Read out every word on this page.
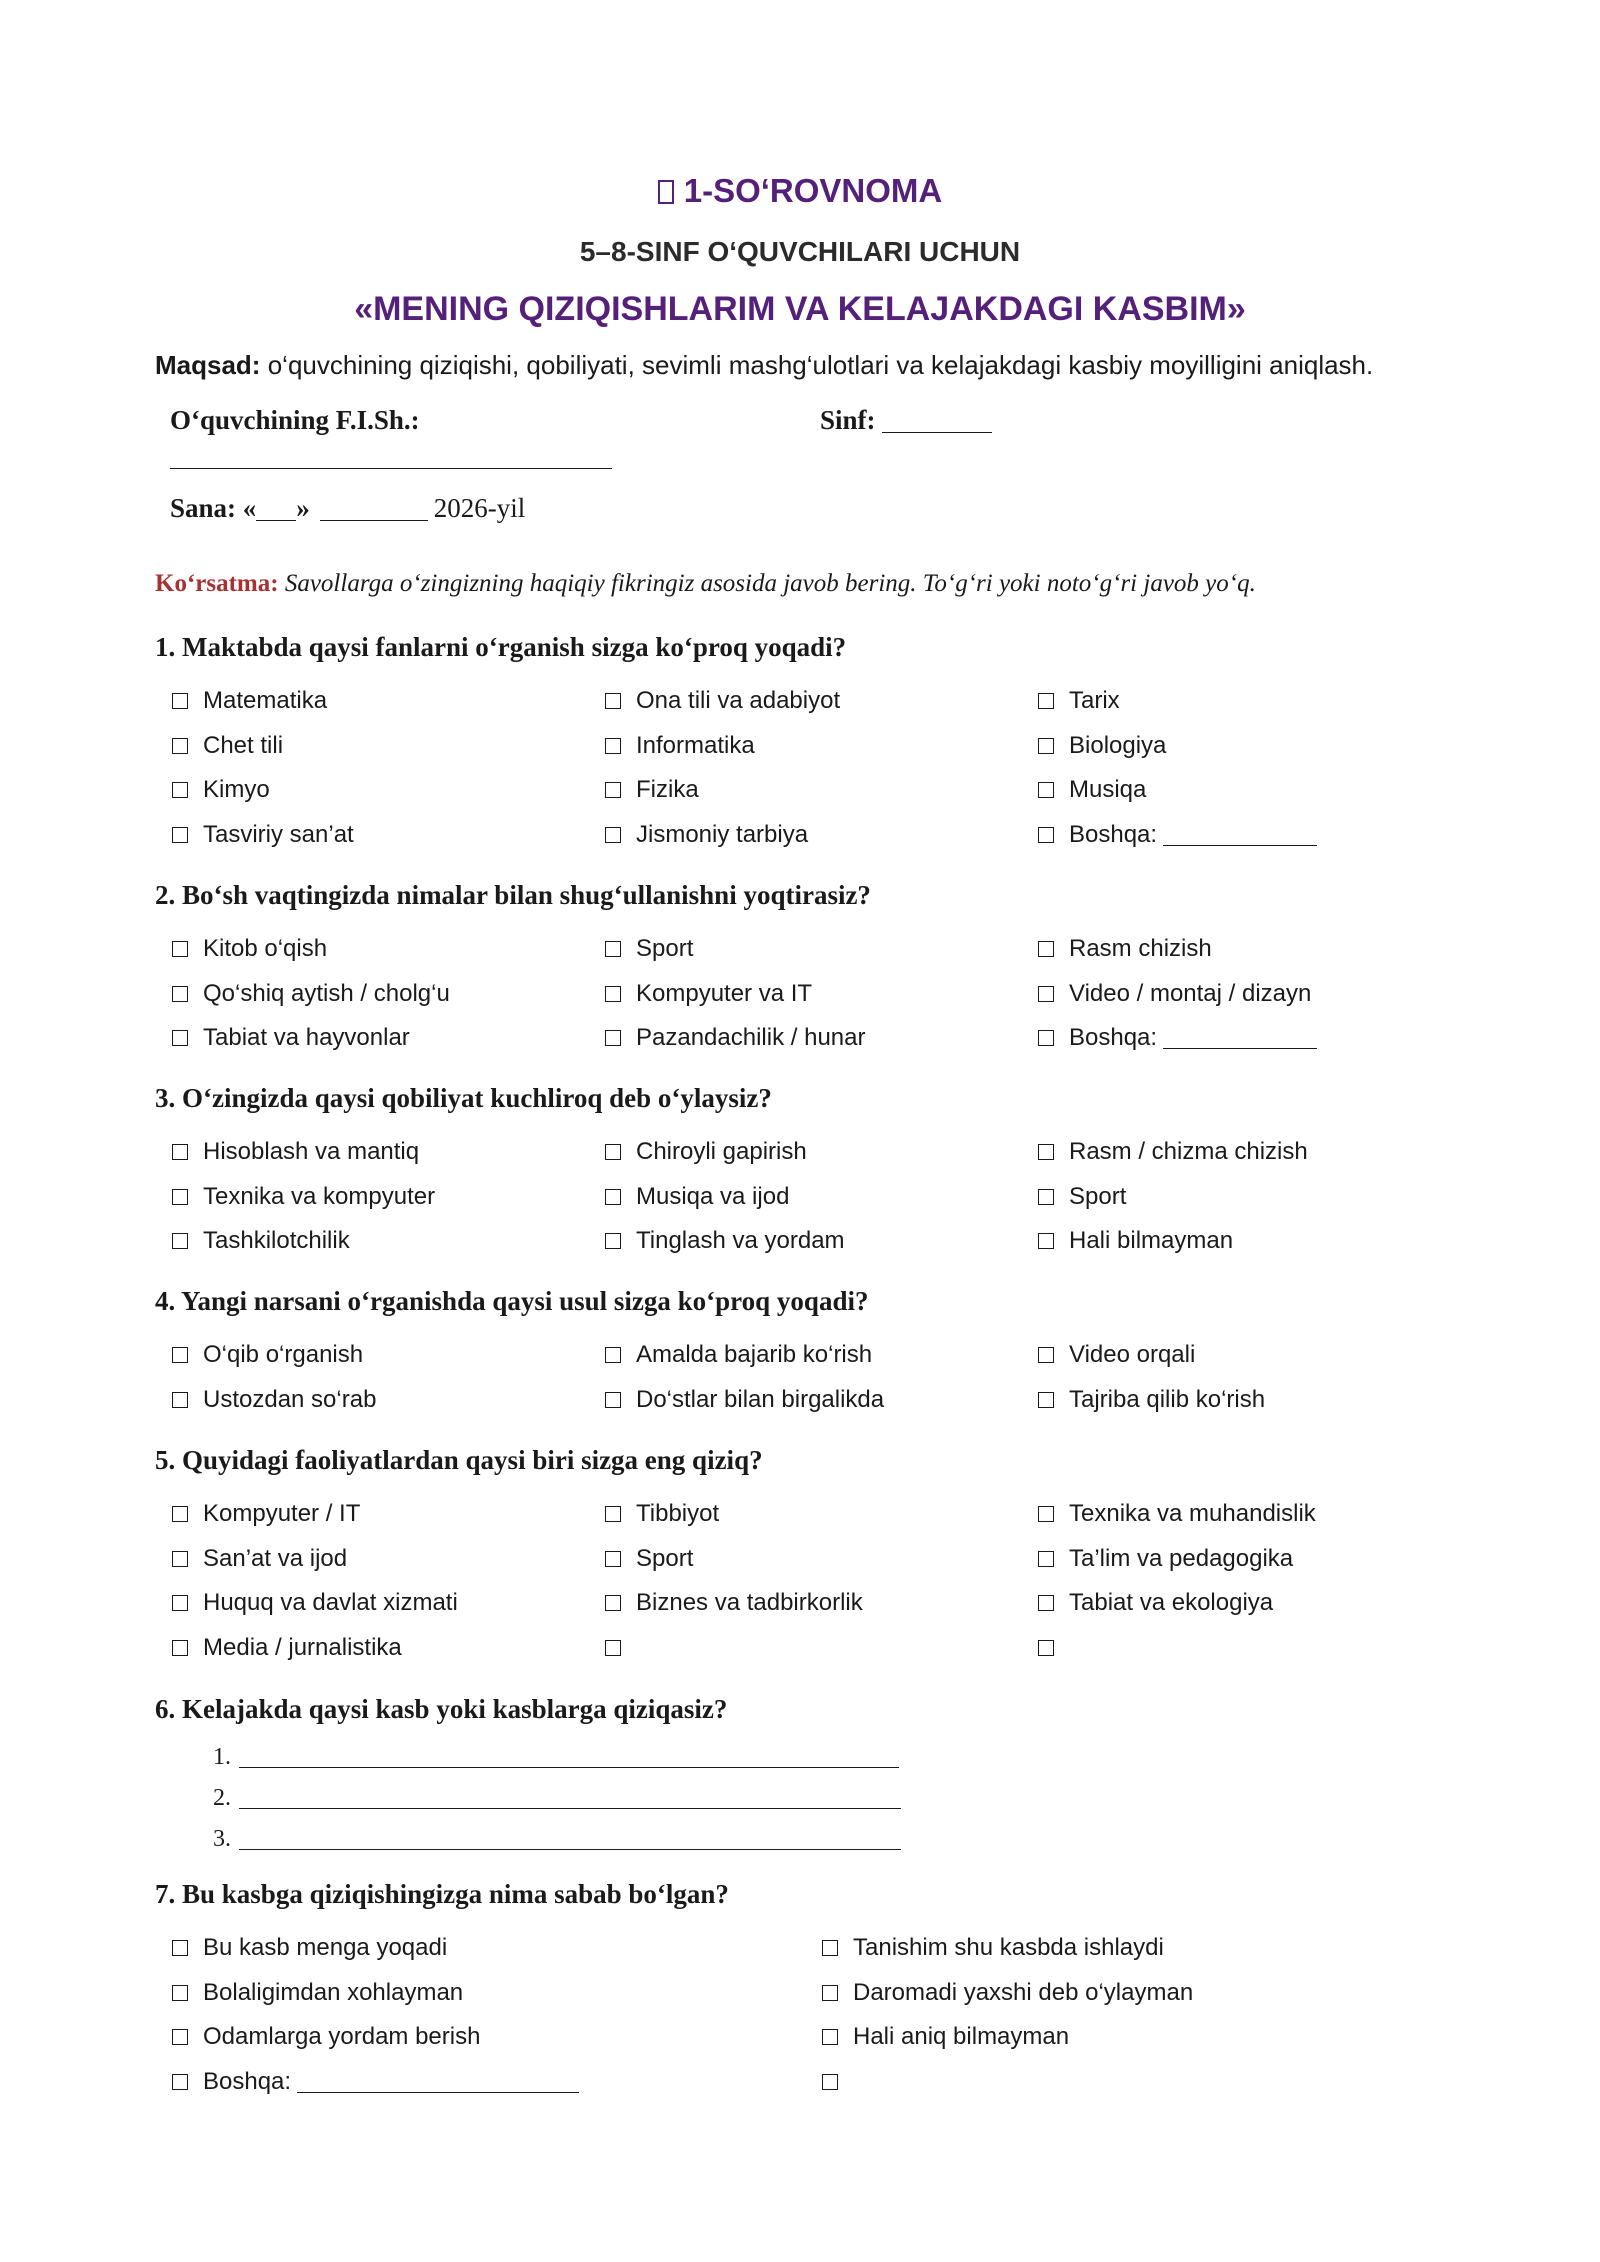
1-SO‘ROVNOMA
5–8-SINF O‘QUVCHILARI UCHUN
«MENING QIZIQISHLARIM VA KELAJAKDAGI KASBIM»
Maqsad: o‘quvchining qiziqishi, qobiliyati, sevimli mashg‘ulotlari va kelajakdagi kasbiy moyilligini aniqlash.
O‘quvchining F.I.Sh.:	Sinf:
Sana: « »	2026-yil
Ko‘rsatma: Savollarga o‘zingizning haqiqiy fikringiz asosida javob bering. To‘g‘ri yoki noto‘g‘ri javob yo‘q.
1. Maktabda qaysi fanlarni o‘rganish sizga ko‘proq yoqadi?
Matematika	Ona tili va adabiyot	Tarix
Chet tili	Informatika	Biologiya
Kimyo	Fizika	Musiqa
Tasviriy san’at	Jismoniy tarbiya	Boshqa:
2. Bo‘sh vaqtingizda nimalar bilan shug‘ullanishni yoqtirasiz?
Kitob o‘qish	Sport	Rasm chizish
Qo‘shiq aytish / cholg‘u	Kompyuter va IT	Video / montaj / dizayn
Tabiat va hayvonlar	Pazandachilik / hunar	Boshqa:
3. O‘zingizda qaysi qobiliyat kuchliroq deb o‘ylaysiz?
Hisoblash va mantiq	Chiroyli gapirish	Rasm / chizma chizish
Texnika va kompyuter	Musiqa va ijod	Sport
Tashkilotchilik	Tinglash va yordam	Hali bilmayman
4. Yangi narsani o‘rganishda qaysi usul sizga ko‘proq yoqadi?
O‘qib o‘rganish	Amalda bajarib ko‘rish	Video orqali
Ustozdan so‘rab	Do‘stlar bilan birgalikda	Tajriba qilib ko‘rish
5. Quyidagi faoliyatlardan qaysi biri sizga eng qiziq?
Kompyuter / IT	Tibbiyot	Texnika va muhandislik
San’at va ijod	Sport	Ta’lim va pedagogika
Huquq va davlat xizmati	Biznes va tadbirkorlik	Tabiat va ekologiya
Media / jurnalistika
6. Kelajakda qaysi kasb yoki kasblarga qiziqasiz?
1.
2.
3.
7. Bu kasbga qiziqishingizga nima sabab bo‘lgan?
Bu kasb menga yoqadi	Tanishim shu kasbda ishlaydi
Bolaligimdan xohlayman	Daromadi yaxshi deb o‘ylayman
Odamlarga yordam berish	Hali aniq bilmayman
Boshqa:
